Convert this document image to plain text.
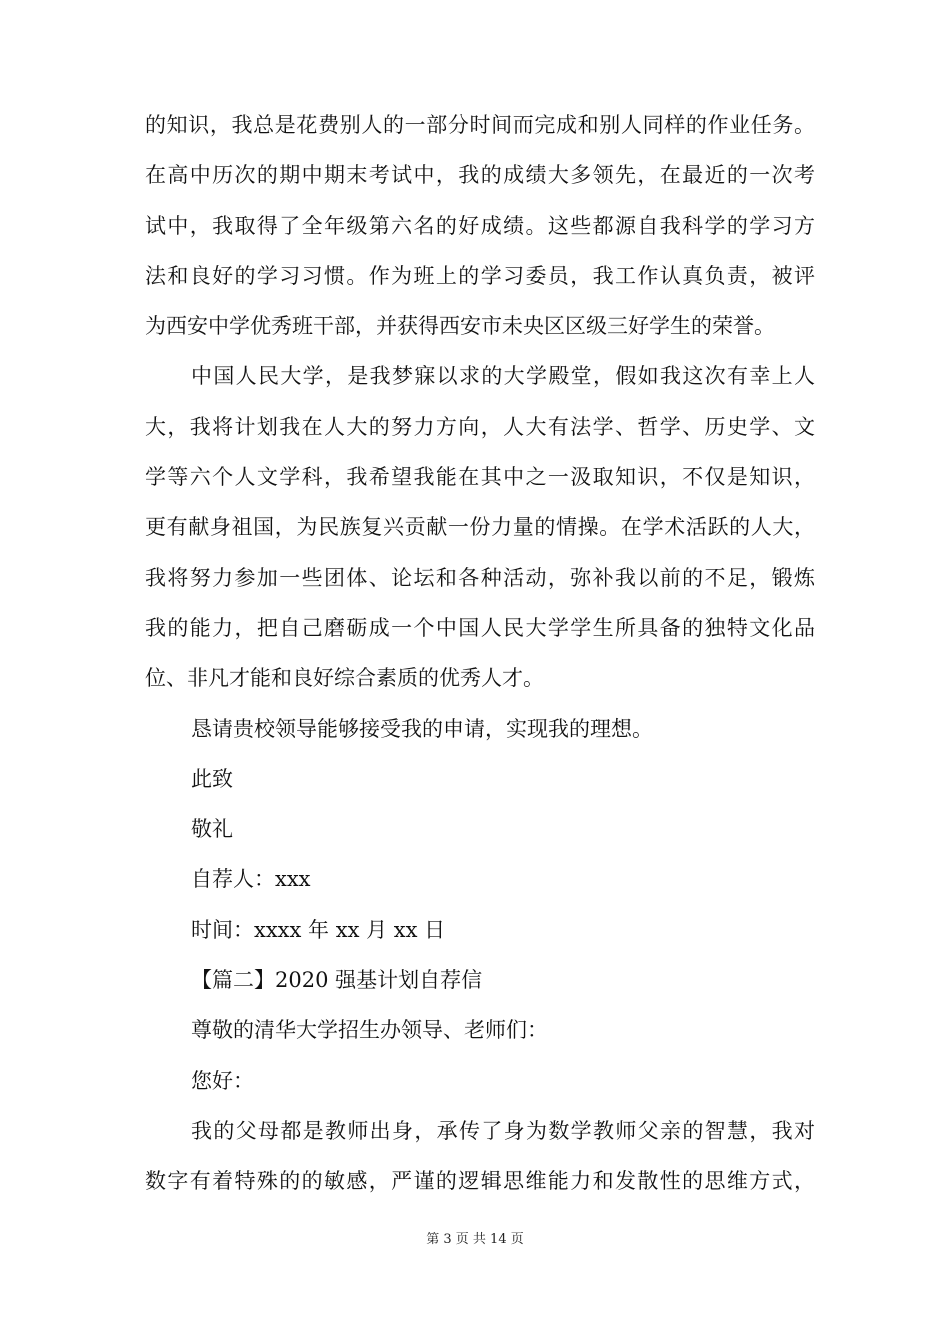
的知识，我总是花费别人的一部分时间而完成和别人同样的作业任务。
在高中历次的期中期末考试中，我的成绩大多领先，在最近的一次考
试中，我取得了全年级第六名的好成绩。这些都源自我科学的学习方
法和良好的学习习惯。作为班上的学习委员，我工作认真负责，被评
为西安中学优秀班干部，并获得西安市未央区区级三好学生的荣誉。
中国人民大学，是我梦寐以求的大学殿堂，假如我这次有幸上人
大，我将计划我在人大的努力方向，人大有法学、哲学、历史学、文
学等六个人文学科，我希望我能在其中之一汲取知识，不仅是知识，
更有献身祖国，为民族复兴贡献一份力量的情操。在学术活跃的人大，
我将努力参加一些团体、论坛和各种活动，弥补我以前的不足，锻炼
我的能力，把自己磨砺成一个中国人民大学学生所具备的独特文化品
位、非凡才能和良好综合素质的优秀人才。
恳请贵校领导能够接受我的申请，实现我的理想。
此致
敬礼
自荐人：xxx
时间：xxxx 年 xx 月 xx 日
【篇二】2020 强基计划自荐信
尊敬的清华大学招生办领导、老师们：
您好：
我的父母都是教师出身，承传了身为数学教师父亲的智慧，我对
数字有着特殊的的敏感，严谨的逻辑思维能力和发散性的思维方式，
第 3 页 共 14 页
